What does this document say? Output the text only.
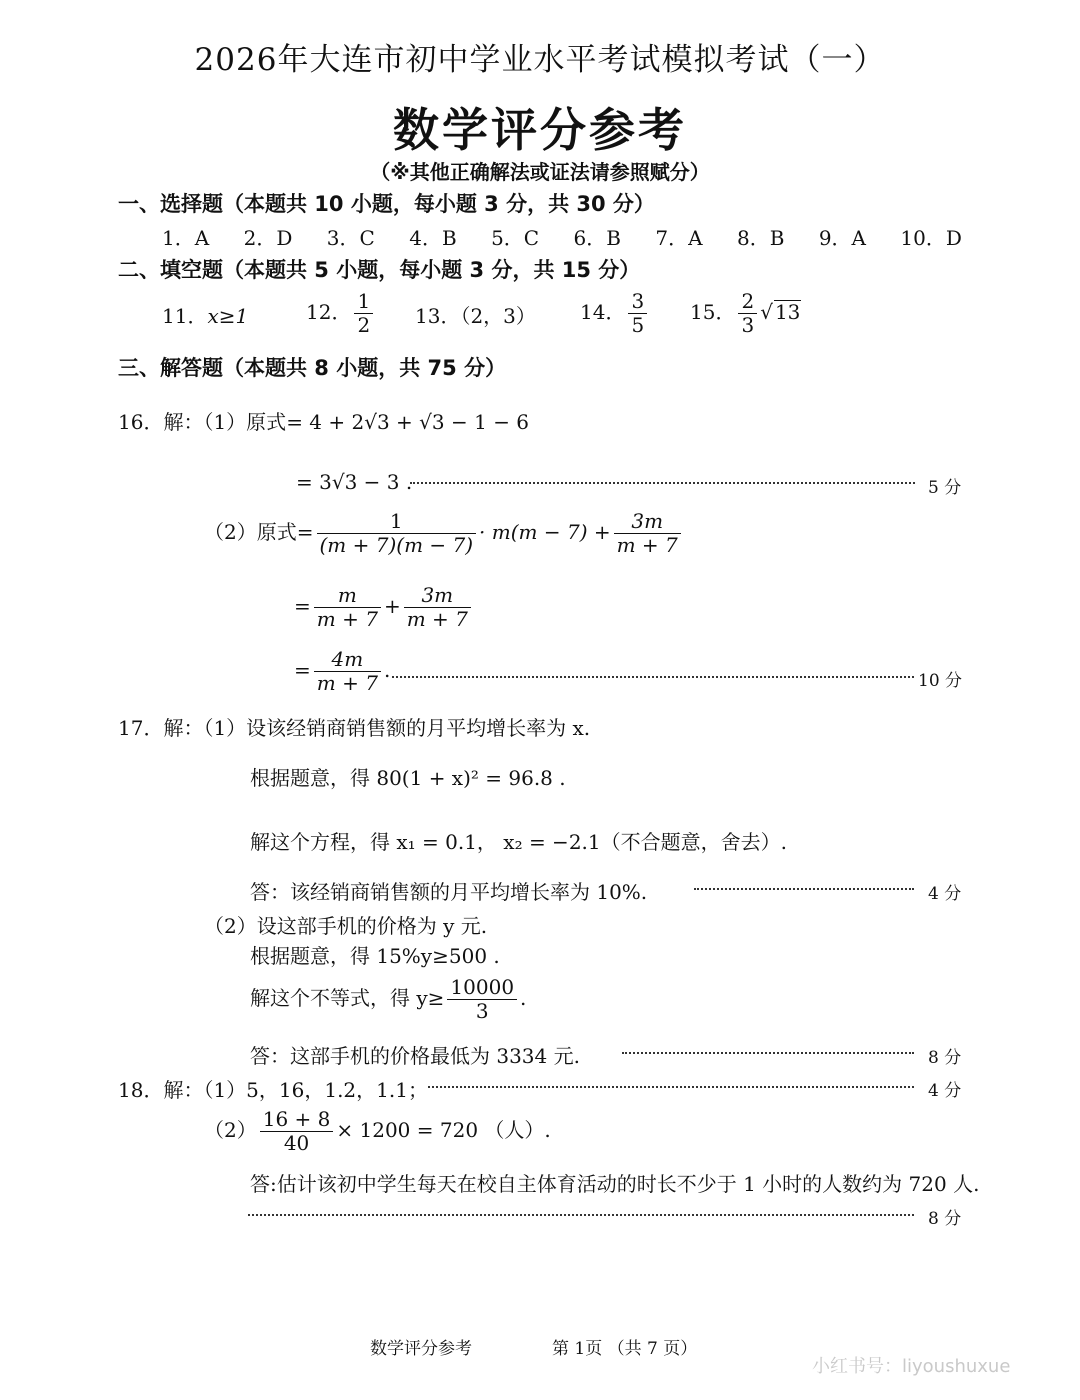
2026年大连市初中学业水平考试模拟考试（一）
数学评分参考
（※其他正确解法或证法请参照赋分）
一、选择题（本题共 10 小题，每小题 3 分，共 30 分）
1．A 2．D 3．C 4．B 5．C 6．B 7．A 8．B 9．A 10．D
二、填空题（本题共 5 小题，每小题 3 分，共 15 分）
11．x≥1	12． $\frac{1}{2} 13$．（2，3） 14． $\frac{3}{5} 15$． $\frac{2}{3}$ √ 13
三、解答题（本题共 8 小题，共 75 分）
16．解：（1）原式= 4 + 2√3 + √3 − 1 − 6
= 3√3 − 3 .	5 分
（2）原式= $\frac{1}{(m + 7)(m - 7)} \cdot m(m - 7) + \frac{3m}{m + 7}$
= $\frac{m}{m + 7} + \frac{3m}{m + 7}$
= $\frac{4m}{m + 7}$ .	10 分
17．解：（1）设该经销商销售额的月平均增长率为 x.
根据题意，得 80(1 + x)² = 96.8 .
解这个方程，得 x₁ = 0.1， x₂ = −2.1（不合题意，舍去）.
答：该经销商销售额的月平均增长率为 10%.	4 分
（2）设这部手机的价格为 y 元.
根据题意，得 15%y≥500 .
解这个不等式，得 $y\ge \frac{10000}{3}$ .
答：这部手机的价格最低为 3334 元.	8 分
18．解：（1）5，16，1.2，1.1；	4 分
$(2) \frac{16 + 8}{40} \times 1200 = 720$ （人）.
答:估计该初中学生每天在校自主体育活动的时长不少于 1 小时的人数约为 720 人.
8 分
数学评分参考	第 1页 （共 7 页）
小红书号：liyoushuxue
